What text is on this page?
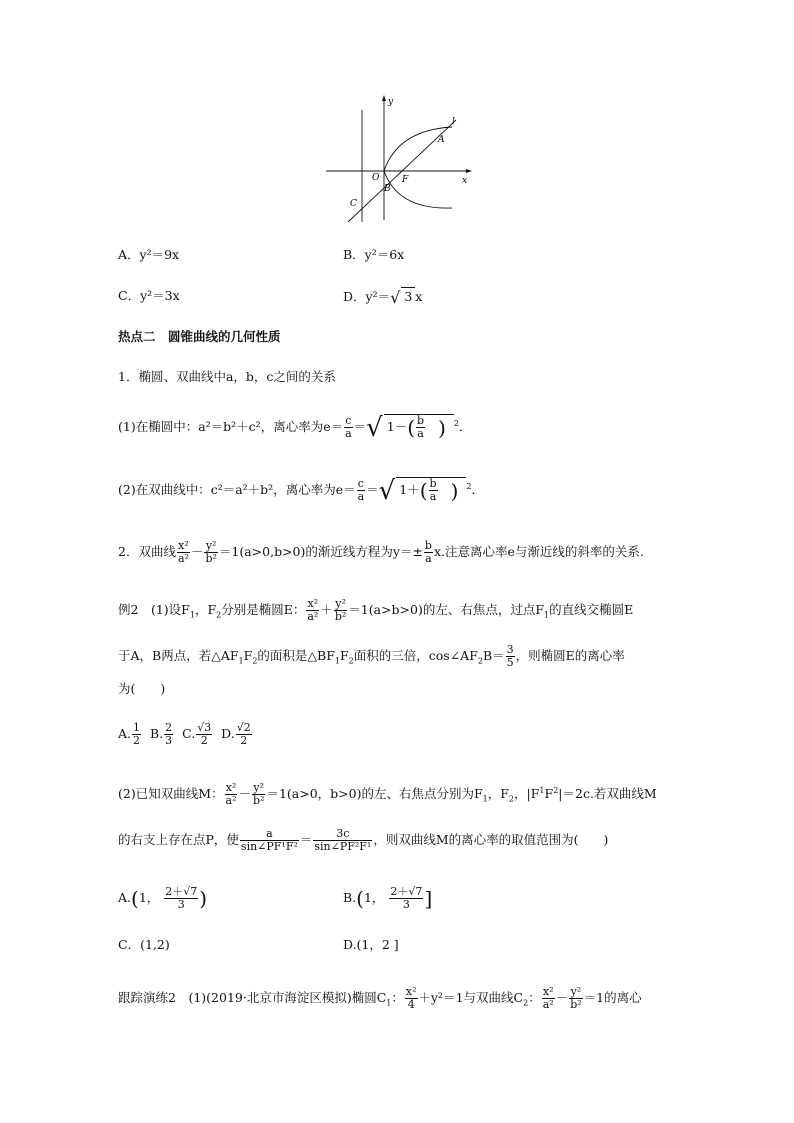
y
x
O	F
A
B
C
l
A．y²＝9x	B．y²＝6x
C．y²＝3x	D．y²＝√ 3 x
热点二　圆锥曲线的几何性质
1．椭圆、双曲线中a，b，c之间的关系
(1)在椭圆中：a²＝b²＋c²，离心率为$e= \frac{c}{a}$ ＝√ $1-( \frac{b}{a}$ ) $^2$．
(2)在双曲线中：c²＝a²＋b²，离心率为$e= \frac{c}{a}$ ＝√ $1+( \frac{b}{a}$ ) $^2$．
2．双曲线 $\frac{\text{x²}}{\text{a²}} - \frac{\text{y²}}{\text{b²}} =1(a>0,b>0)$的渐近线方程为$y=\pm \frac{b}{a} x$.注意离心率e与渐近线的斜率的关系.
例2　(1)设$F_1$，$F_2$分别是椭圆E： $\frac{\text{x²}}{\text{a²}} + \frac{\text{y²}}{\text{b²}} =1(a>b>0)$的左、右焦点，过点$F_1$的直线交椭圆E
于A，B两点，若$\triangle AF_1F_2$的面积是$\triangle BF_1F_2$面积的三倍，$\cos\angle AF_2B= \frac{3}{5}$ ，则椭圆E的离心率
为(　　)
A. $\frac{1}{2} B$. $\frac{2}{3} C$. $\frac{√3}{2} D$. $\frac{√2}{2}$
(2)已知双曲线M： $\frac{\text{x²}}{\text{a²}} - \frac{\text{y²}}{\text{b²}} =1(a>0$，b>0)的左、右焦点分别为$F_1$，$F_2$，$|F^1F^2|=2c$.若双曲线M
的右支上存在点P，使 $\frac{a}{\text{sin∠PF¹F²}} = \frac{3c}{\text{sin∠PF²F¹}}$ ，则双曲线M的离心率的取值范围为(　　)
A.(1， $\frac{2+√7}{3}$ )	B.(1， $\frac{2+√7}{3}$ ]
C．(1,2)	D.(1，2 ]
跟踪演练2　(1)(2019·北京市海淀区模拟)椭圆$C_1$： $\frac{\text{x²}}{4} +y^2=1$与双曲线$C_2$： $\frac{\text{x²}}{\text{a²}} - \frac{\text{y²}}{\text{b²}} =1$的离心
